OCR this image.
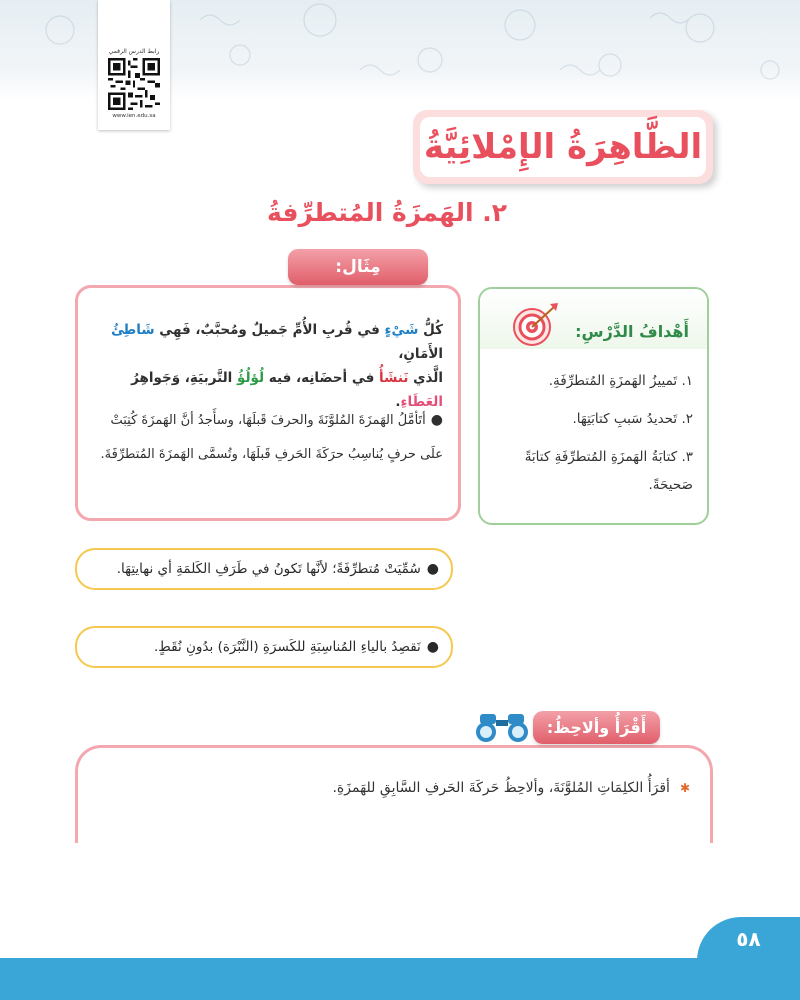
رابط الدرس الرقمي
www.ien.edu.sa
الظَّاهِرَةُ الإِمْلائِيَّةُ
٢. الهَمزَةُ المُتطرِّفةُ
كُلُّ شَيْءٍ في قُربِ الأُمِّ جَميلٌ ومُحبَّبٌ، فَهِي شَاطِئُ الأَمَانِ،
الَّذي نَنشَأُ في أحضَانِه، فيه لُؤلُؤُ التَّربيَةِ، وَجَواهِرُ العَطَاءِ.
●أتَأمَّلُ الهَمزَةَ المُلوَّنَةَ والحرفَ قَبلَهَا، وسأَجدُ أنَّ الهَمزَةَ كُتِبَتْ علَى حرفٍ يُناسِبُ حرَكَةَ الحَرفِ قَبلَهَا، وتُسمَّى الهَمزَةَ المُتطرِّفَةَ.
مِثَال:
أَهْدافُ الدَّرْسِ:
١. تَمييزُ الهَمزَةِ المُتطرِّفَةِ.
٢. تَحديدُ سَببِ كتابَتِهَا.
٣. كتابَةُ الهَمزَةِ المُتطرِّفَةِ كتابَةً صَحيحَةً.
●
سُمِّيَتْ مُتطرِّفَةً؛ لأنَّها تَكونُ في طَرَفِ الكَلمَةِ أي نهايتِهَا.
●
نَقصِدُ بالياءِ المُناسِبَةِ للكَسرَةِ (النَّبْرَة) بدُونِ نُقَطٍ.
✱أقرَأُ الكلِمَاتِ المُلوَّنَةَ، وألاحِظُ حَركَةَ الحَرفِ السَّابِقِ للهَمزَةِ.
أَقْرَأُ وألاحِظُ:
٥٨
